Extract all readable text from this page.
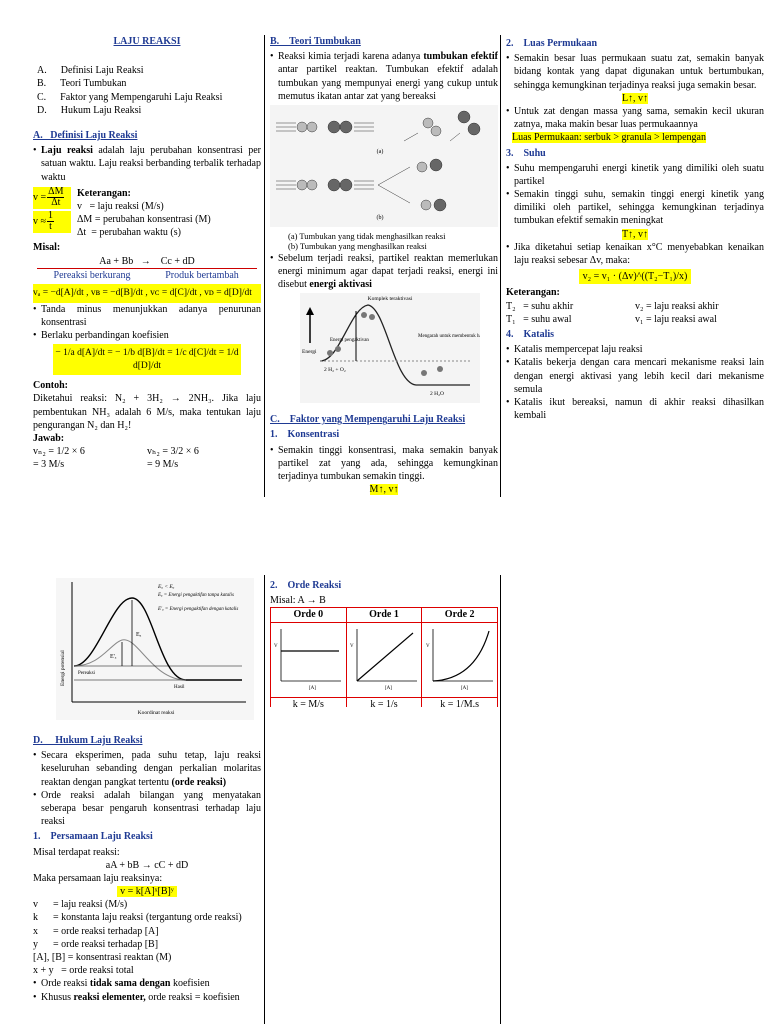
LAJU REAKSI

A. Definisi Laju Reaksi
B. Teori Tumbukan
C. Faktor yang Mempengaruhi Laju Reaksi
D. Hukum Laju Reaksi

A.   Definisi Laju Reaksi

• Laju reaksi adalah laju perubahan konsentrasi per satuan waktu. Laju reaksi berbanding terbalik terhadap waktu
$v = \frac{\Delta M}{\Delta t}$
$v \approx \frac{1}{t}$

Keterangan:

v   = laju reaksi (M/s)

ΔM = perubahan konsentrasi (M)

Δt  = perubahan waktu (s)

Misal:

Aa + Bb   →    Cc + dD

Pereaksi berkurang	Produk bertambah

vₐ = −d[A]/dt , vʙ = −d[B]/dt , vᴄ = d[C]/dt , vᴅ = d[D]/dt

• Tanda minus menunjukkan adanya penurunan konsentrasi
• Berlaku perbandingan koefisien

− 1/a d[A]/dt = − 1/b d[B]/dt = 1/c d[C]/dt = 1/d d[D]/dt

Contoh:

Diketahui reaksi: N₂ + 3H₂ → 2NH₃. Jika laju pembentukan NH₃ adalah 6 M/s, maka tentukan laju pengurangan N₂ dan H₂!

Jawab:

vₙ₂ = 1/2 × 6

= 3 M/s

vₕ₂ = 3/2 × 6

= 9 M/s

B.    Teori Tumbukan

• Reaksi kimia terjadi karena adanya tumbukan efektif antar partikel reaktan. Tumbukan efektif adalah tumbukan yang mempunyai energi yang cukup untuk memutus ikatan antar zat yang bereaksi
(a)
(b)

(a) Tumbukan yang tidak menghasilkan reaksi

(b) Tumbukan yang menghasilkan reaksi

• Sebelum terjadi reaksi, partikel reaktan memerlukan energi minimum agar dapat terjadi reaksi, energi ini disebut energi aktivasi
Komplek teraktivasi
Energi
Energi pengaktivan
Mengarah untuk membentuk hasil
2 H₂ + O₂
2 H₂O

C.    Faktor yang Mempengaruhi Laju Reaksi

1.    Konsentrasi

• Semakin tinggi konsentrasi, maka semakin banyak partikel zat yang ada, sehingga kemungkinan terjadinya tumbukan semakin tinggi.

M↑, v↑

2.    Luas Permukaan

• Semakin besar luas permukaan suatu zat, semakin banyak bidang kontak yang dapat digunakan untuk bertumbukan, sehingga kemungkinan terjadinya reaksi juga semakin besar.

L↑, v↑

• Untuk zat dengan massa yang sama, semakin kecil ukuran zatnya, maka makin besar luas permukaannya

Luas Permukaan: serbuk > granula > lempengan

3.    Suhu

• Suhu mempengaruhi energi kinetik yang dimiliki oleh suatu partikel
• Semakin tinggi suhu, semakin tinggi energi kinetik yang dimiliki oleh partikel, sehingga kemungkinan terjadinya tumbukan efektif semakin meningkat

T↑, v↑

• Jika diketahui setiap kenaikan x°C menyebabkan kenaikan laju reaksi sebesar Δv, maka:

v₂ = v₁ · (Δv)^((T₂−T₁)/x)

Keterangan:

T₂   = suhu akhir	v₂ = laju reaksi akhir
T₁   = suhu awal	v₁ = laju reaksi awal

4.    Katalis

• Katalis mempercepat laju reaksi
• Katalis bekerja dengan cara mencari mekanisme reaksi lain dengan energi aktivasi yang lebih kecil dari mekanisme semula
• Katalis ikut bereaksi, namun di akhir reaksi dihasilkan kembali
Energi potensial
Koordinat reaksi
Eₐ
E'ₐ
Pereaksi
Hasil
Eₐ < Eₐ
Eₐ = Energi pengaktifan tanpa katalis
E'ₐ = Energi pengaktifan dengan katalis

D.     Hukum Laju Reaksi

• Secara eksperimen, pada suhu tetap, laju reaksi keseluruhan sebanding dengan perkalian molaritas reaktan dengan pangkat tertentu (orde reaksi)
• Orde reaksi adalah bilangan yang menyatakan seberapa besar pengaruh konsentrasi terhadap laju reaksi

1.    Persamaan Laju Reaksi

Misal terdapat reaksi:

aA + bB → cC + dD

Maka persamaan laju reaksinya:

v = k[A]ˣ[B]ʸ

v      = laju reaksi (M/s)

k      = konstanta laju reaksi (tergantung orde reaksi)

x      = orde reaksi terhadap [A]

y      = orde reaksi terhadap [B]

[A], [B] = konsentrasi reaktan (M)

x + y   = orde reaksi total

• Orde reaksi tidak sama dengan koefisien
• Khusus reaksi elementer, orde reaksi = koefisien

2.    Orde Reaksi

Misal: A → B

Orde 0	Orde 1	Orde 2

V
[A]	V
[A]	V
[A]

k = M/s	k = 1/s	k = 1/M.s
